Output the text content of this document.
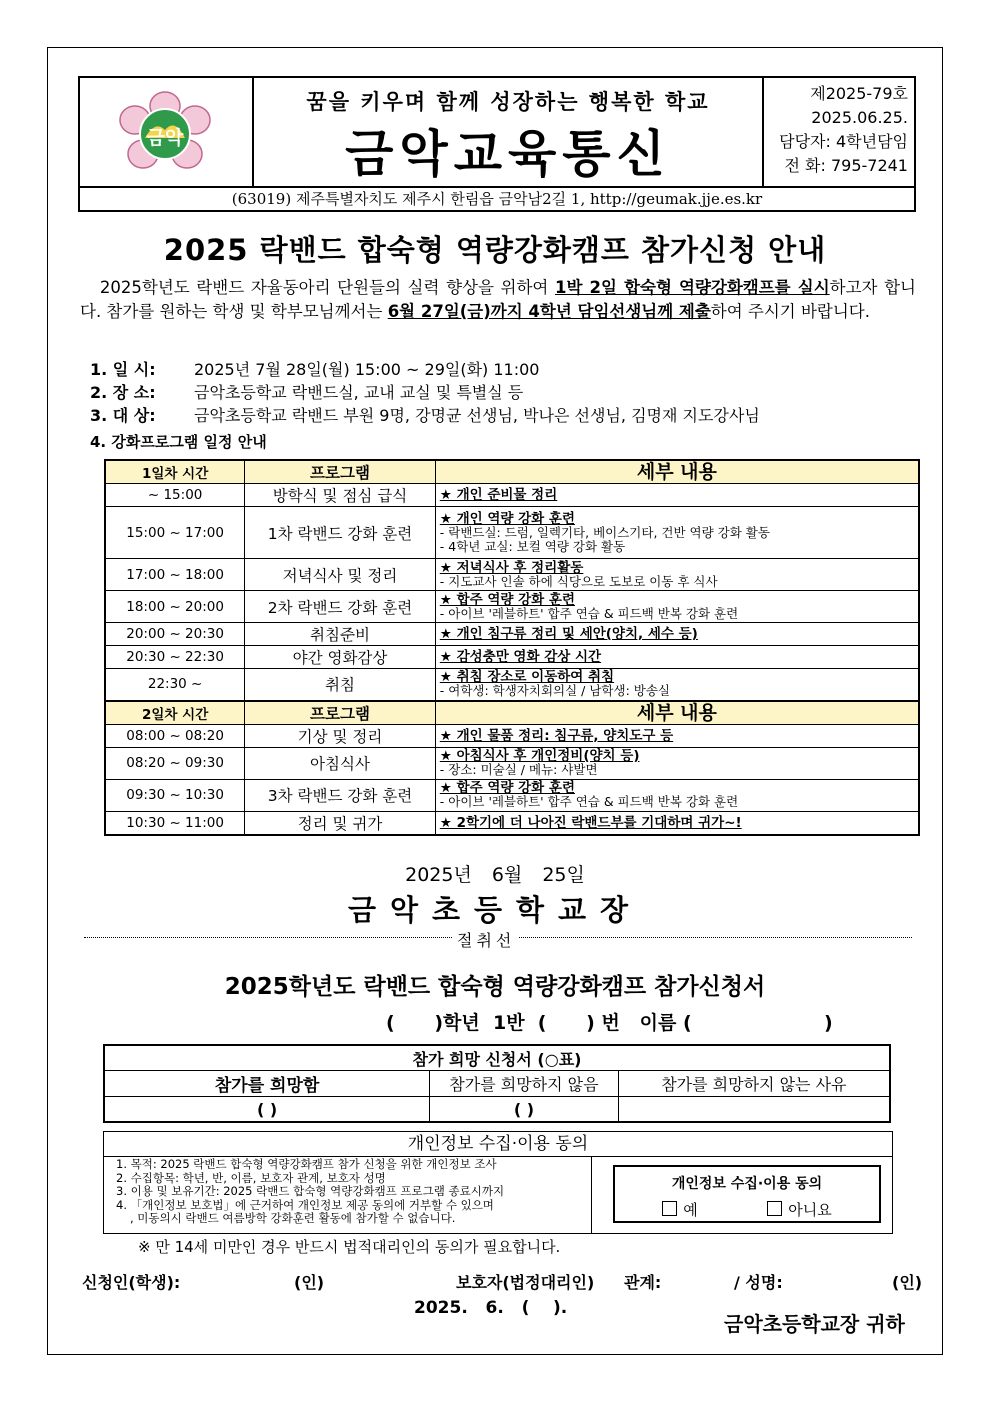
금악
꿈을 키우며 함께 성장하는 행복한 학교
금악교육통신
제2025-79호
2025.06.25.
담당자: 4학년담임
전 화: 795-7241
(63019) 제주특별자치도 제주시 한림읍 금악남2길 1, http://geumak.jje.es.kr
2025 락밴드 합숙형 역량강화캠프 참가신청 안내
2025학년도 락밴드 자율동아리 단원들의 실력 향상을 위하여 1박 2일 합숙형 역량강화캠프를 실시하고자 합니다. 참가를 원하는 학생 및 학부모님께서는 6월 27일(금)까지 4학년 담임선생님께 제출하여 주시기 바랍니다.
1. 일 시: 2025년 7월 28일(월) 15:00 ~ 29일(화) 11:00
2. 장 소: 금악초등학교 락밴드실, 교내 교실 및 특별실 등
3. 대 상: 금악초등학교 락밴드 부원 9명, 강명균 선생님, 박나은 선생님, 김명재 지도강사님
4. 강화프로그램 일정 안내
1일차 시간	프로그램	세부 내용
~ 15:00	방학식 및 점심 급식	★ 개인 준비물 정리

15:00 ~ 17:00	1차 락밴드 강화 훈련	★ 개인 역량 강화 훈련
- 락밴드실: 드럼, 일렉기타, 베이스기타, 건반 역량 강화 활동
- 4학년 교실: 보컬 역량 강화 활동

17:00 ~ 18:00	저녁식사 및 정리	★ 저녁식사 후 정리활동
- 지도교사 인솔 하에 식당으로 도보로 이동 후 식사

18:00 ~ 20:00	2차 락밴드 강화 훈련	★ 합주 역량 강화 훈련
- 아이브 '레블하트' 합주 연습 & 피드백 반복 강화 훈련

20:00 ~ 20:30	취침준비	★ 개인 침구류 정리 및 세안(양치, 세수 등)

20:30 ~ 22:30	야간 영화감상	★ 감성충만 영화 감상 시간

22:30 ~	취침	★ 취침 장소로 이동하여 취침
- 여학생: 학생자치회의실 / 남학생: 방송실

2일차 시간	프로그램	세부 내용
08:00 ~ 08:20	기상 및 정리	★ 개인 물품 정리: 침구류, 양치도구 등

08:20 ~ 09:30	아침식사	★ 아침식사 후 개인정비(양치 등)
- 장소: 미술실 / 메뉴: 샤발면

09:30 ~ 10:30	3차 락밴드 강화 훈련	★ 합주 역량 강화 훈련
- 아이브 '레블하트' 합주 연습 & 피드백 반복 강화 훈련

10:30 ~ 11:00	정리 및 귀가	★ 2학기에 더 나아진 락밴드부를 기대하며 귀가~!
2025년 6월 25일
금악초등학교장
절취선
2025학년도 락밴드 합숙형 역량강화캠프 참가신청서
(      )학년  1반  (      ) 번   이름 (                    )
참가 희망 신청서 (○표)		
참가를 희망함	참가를 희망하지 않음	참가를 희망하지 않는 사유
( )	( )	
개인정보 수집·이용 동의
1. 목적: 2025 락밴드 합숙형 역량강화캠프 참가 신청을 위한 개인정보 조사
2. 수집항목: 학년, 반, 이름, 보호자 관계, 보호자 성명
3. 이용 및 보유기간: 2025 락밴드 합숙형 역량강화캠프 프로그램 종료시까지
4. 「개인정보 보호법」에 근거하여 개인정보 제공 동의에 거부할 수 있으며
, 미동의시 락밴드 여름방학 강화훈련 활동에 참가할 수 없습니다.
개인정보 수집·이용 동의
예	아니요
※ 만 14세 미만인 경우 반드시 법적대리인의 동의가 필요합니다.
신청인(학생):	(인)	보호자(법정대리인) 관계:	/ 성명:	(인)
2025.   6.   (    ).
금악초등학교장 귀하
